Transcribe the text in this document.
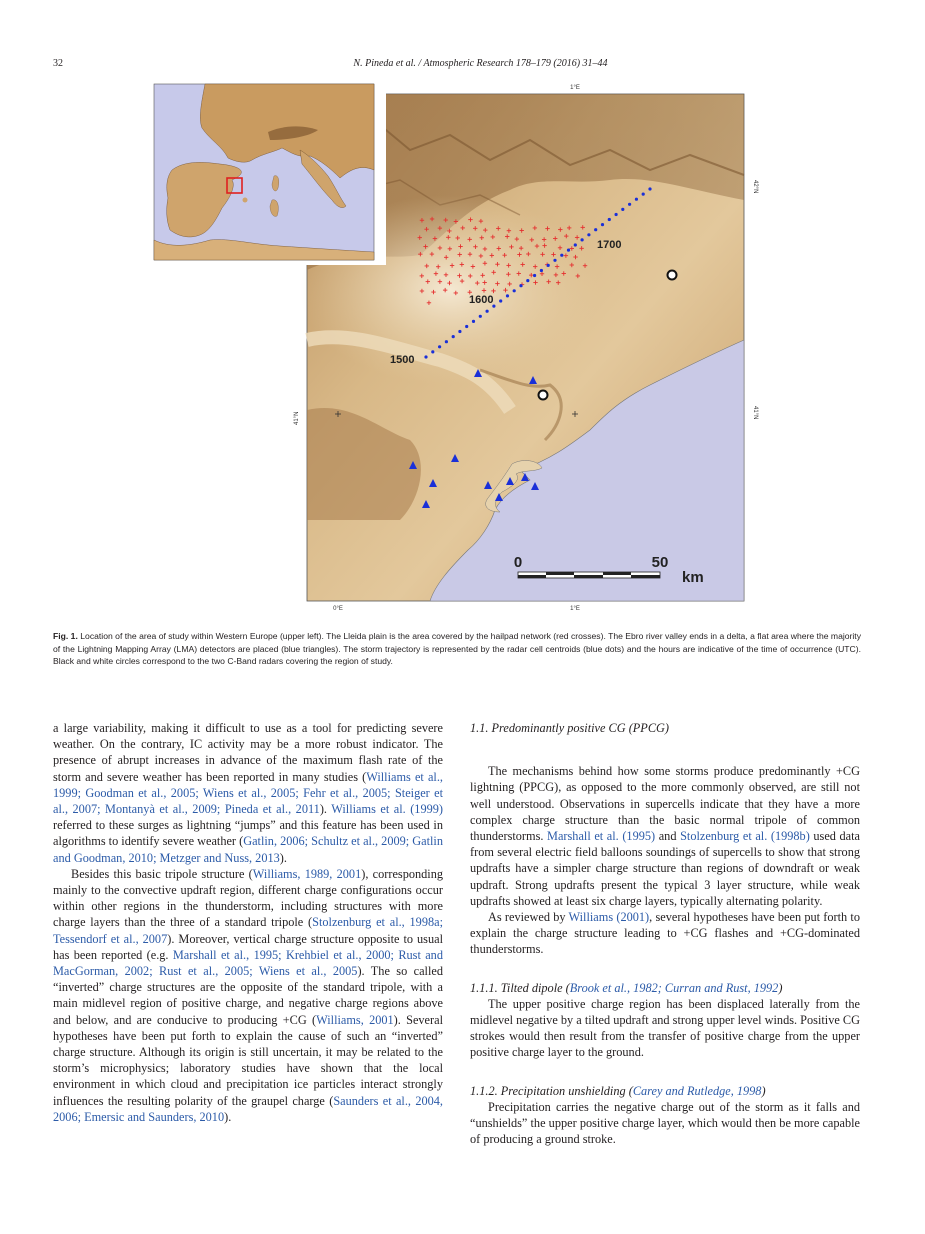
32	N. Pineda et al. / Atmospheric Research 178–179 (2016) 31–44
1°E
0°E	1°E
42°N
41°N	41°N
1500
1600
1700
0	50
km
Fig. 1. Location of the area of study within Western Europe (upper left). The Lleida plain is the area covered by the hailpad network (red crosses). The Ebro river valley ends in a delta, a flat area where the majority of the Lightning Mapping Array (LMA) detectors are placed (blue triangles). The storm trajectory is represented by the radar cell centroids (blue dots) and the hours are indicative of the time of occurrence (UTC). Black and white circles correspond to the two C-Band radars covering the region of study.

a large variability, making it difficult to use as a tool for predicting severe weather. On the contrary, IC activity may be a more robust indicator. The presence of abrupt increases in advance of the maximum flash rate of the storm and severe weather has been reported in many studies (Williams et al., 1999; Goodman et al., 2005; Wiens et al., 2005; Fehr et al., 2005; Steiger et al., 2007; Montanyà et al., 2009; Pineda et al., 2011). Williams et al. (1999) referred to these surges as lightning “jumps” and this feature has been used in algorithms to identify severe weather (Gatlin, 2006; Schultz et al., 2009; Gatlin and Goodman, 2010; Metzger and Nuss, 2013).

Besides this basic tripole structure (Williams, 1989, 2001), corresponding mainly to the convective updraft region, different charge configurations occur within other regions in the thunderstorm, including structures with more charge layers than the three of a standard tripole (Stolzenburg et al., 1998a; Tessendorf et al., 2007). Moreover, vertical charge structure opposite to usual has been reported (e.g. Marshall et al., 1995; Krehbiel et al., 2000; Rust and MacGorman, 2002; Rust et al., 2005; Wiens et al., 2005). The so called “inverted” charge structures are the opposite of the standard tripole, with a main midlevel region of positive charge, and negative charge regions above and below, and are conducive to producing +CG (Williams, 2001). Several hypotheses have been put forth to explain the cause of such an “inverted” charge structure. Although its origin is still uncertain, it may be related to the storm’s microphysics; laboratory studies have shown that the local environment in which cloud and precipitation ice particles interact strongly influences the resulting polarity of the graupel charge (Saunders et al., 2004, 2006; Emersic and Saunders, 2010).

1.1. Predominantly positive CG (PPCG)

The mechanisms behind how some storms produce predominantly +CG lightning (PPCG), as opposed to the more commonly observed, are still not well understood. Observations in supercells indicate that they have a more complex charge structure than the basic normal tripole of common thunderstorms. Marshall et al. (1995) and Stolzenburg et al. (1998b) used data from several electric field balloons soundings of supercells to show that strong updrafts have a simpler charge structure than regions of downdraft or weak updraft. Strong updrafts present the typical 3 layer structure, while weak updrafts showed at least six charge layers, typically alternating polarity.

As reviewed by Williams (2001), several hypotheses have been put forth to explain the charge structure leading to +CG flashes and +CG-dominated thunderstorms.

1.1.1. Tilted dipole (Brook et al., 1982; Curran and Rust, 1992)

The upper positive charge region has been displaced laterally from the midlevel negative by a tilted updraft and strong upper level winds. Positive CG strokes would then result from the transfer of positive charge from the upper positive charge layer to the ground.

1.1.2. Precipitation unshielding (Carey and Rutledge, 1998)

Precipitation carries the negative charge out of the storm as it falls and “unshields” the upper positive charge layer, which would then be more capable of producing a ground stroke.
